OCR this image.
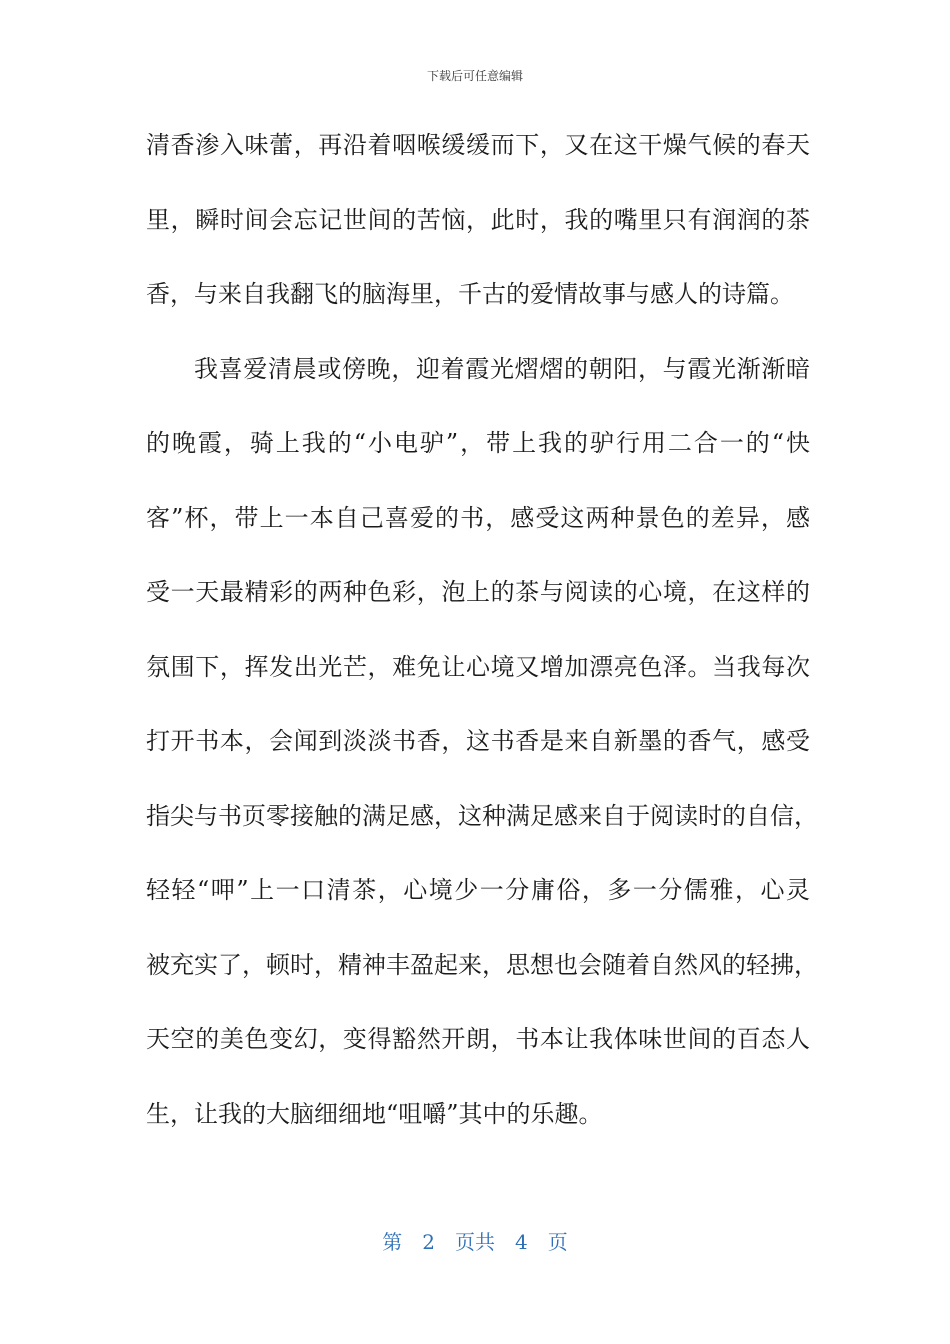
下载后可任意编辑
清香渗入味蕾，再沿着咽喉缓缓而下，又在这干燥气候的春天
里，瞬时间会忘记世间的苦恼，此时，我的嘴里只有润润的茶
香，与来自我翻飞的脑海里，千古的爱情故事与感人的诗篇。
我喜爱清晨或傍晚，迎着霞光熠熠的朝阳，与霞光渐渐暗
的晚霞，骑上我的“小电驴”，带上我的驴行用二合一的“快
客”杯，带上一本自己喜爱的书，感受这两种景色的差异，感
受一天最精彩的两种色彩，泡上的茶与阅读的心境，在这样的
氛围下，挥发出光芒，难免让心境又增加漂亮色泽。当我每次
打开书本，会闻到淡淡书香，这书香是来自新墨的香气，感受
指尖与书页零接触的满足感，这种满足感来自于阅读时的自信，
轻轻“呷”上一口清茶，心境少一分庸俗，多一分儒雅，心灵
被充实了，顿时，精神丰盈起来，思想也会随着自然风的轻拂，
天空的美色变幻，变得豁然开朗，书本让我体味世间的百态人
生，让我的大脑细细地“咀嚼”其中的乐趣。
第 2 页共 4 页
